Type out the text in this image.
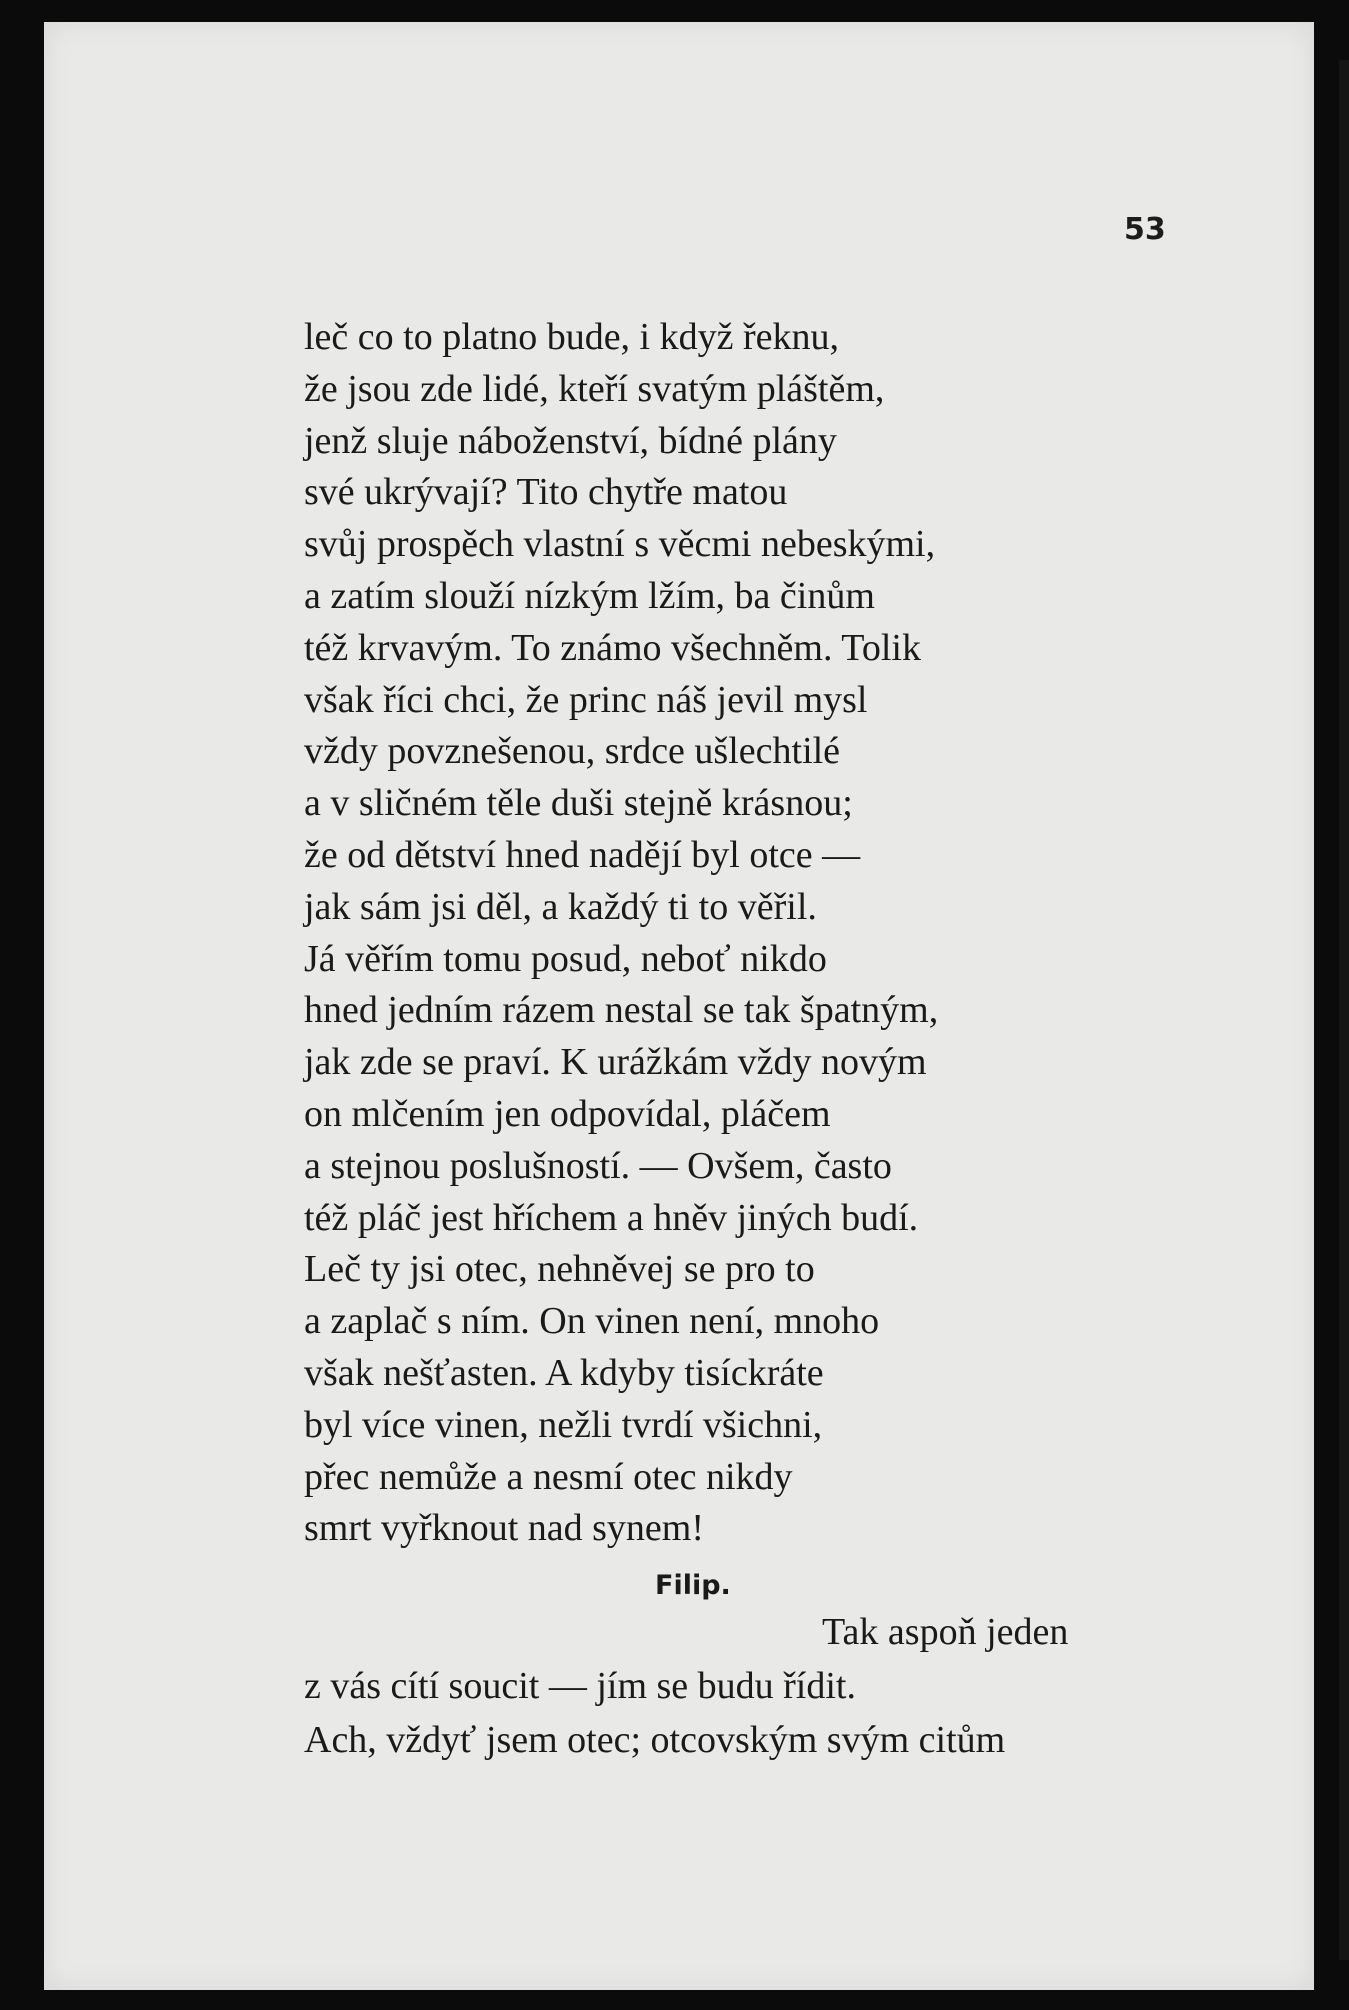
53
leč co to platno bude, i když řeknu,
že jsou zde lidé, kteří svatým pláštěm,
jenž sluje náboženství, bídné plány
své ukrývají? Tito chytře matou
svůj prospěch vlastní s věcmi nebeskými,
a zatím slouží nízkým lžím, ba činům
též krvavým. To známo všechněm. Tolik
však říci chci, že princ náš jevil mysl
vždy povznešenou, srdce ušlechtilé
a v sličném těle duši stejně krásnou;
že od dětství hned nadějí byl otce —
jak sám jsi děl, a každý ti to věřil.
Já věřím tomu posud, neboť nikdo
hned jedním rázem nestal se tak špatným,
jak zde se praví. K urážkám vždy novým
on mlčením jen odpovídal, pláčem
a stejnou poslušností. — Ovšem, často
též pláč jest hříchem a hněv jiných budí.
Leč ty jsi otec, nehněvej se pro to
a zaplač s ním. On vinen není, mnoho
však nešťasten. A kdyby tisíckráte
byl více vinen, nežli tvrdí všichni,
přec nemůže a nesmí otec nikdy
smrt vyřknout nad synem!
Filip.
Tak aspoň jeden
z vás cítí soucit — jím se budu řídit.
Ach, vždyť jsem otec; otcovským svým citům
